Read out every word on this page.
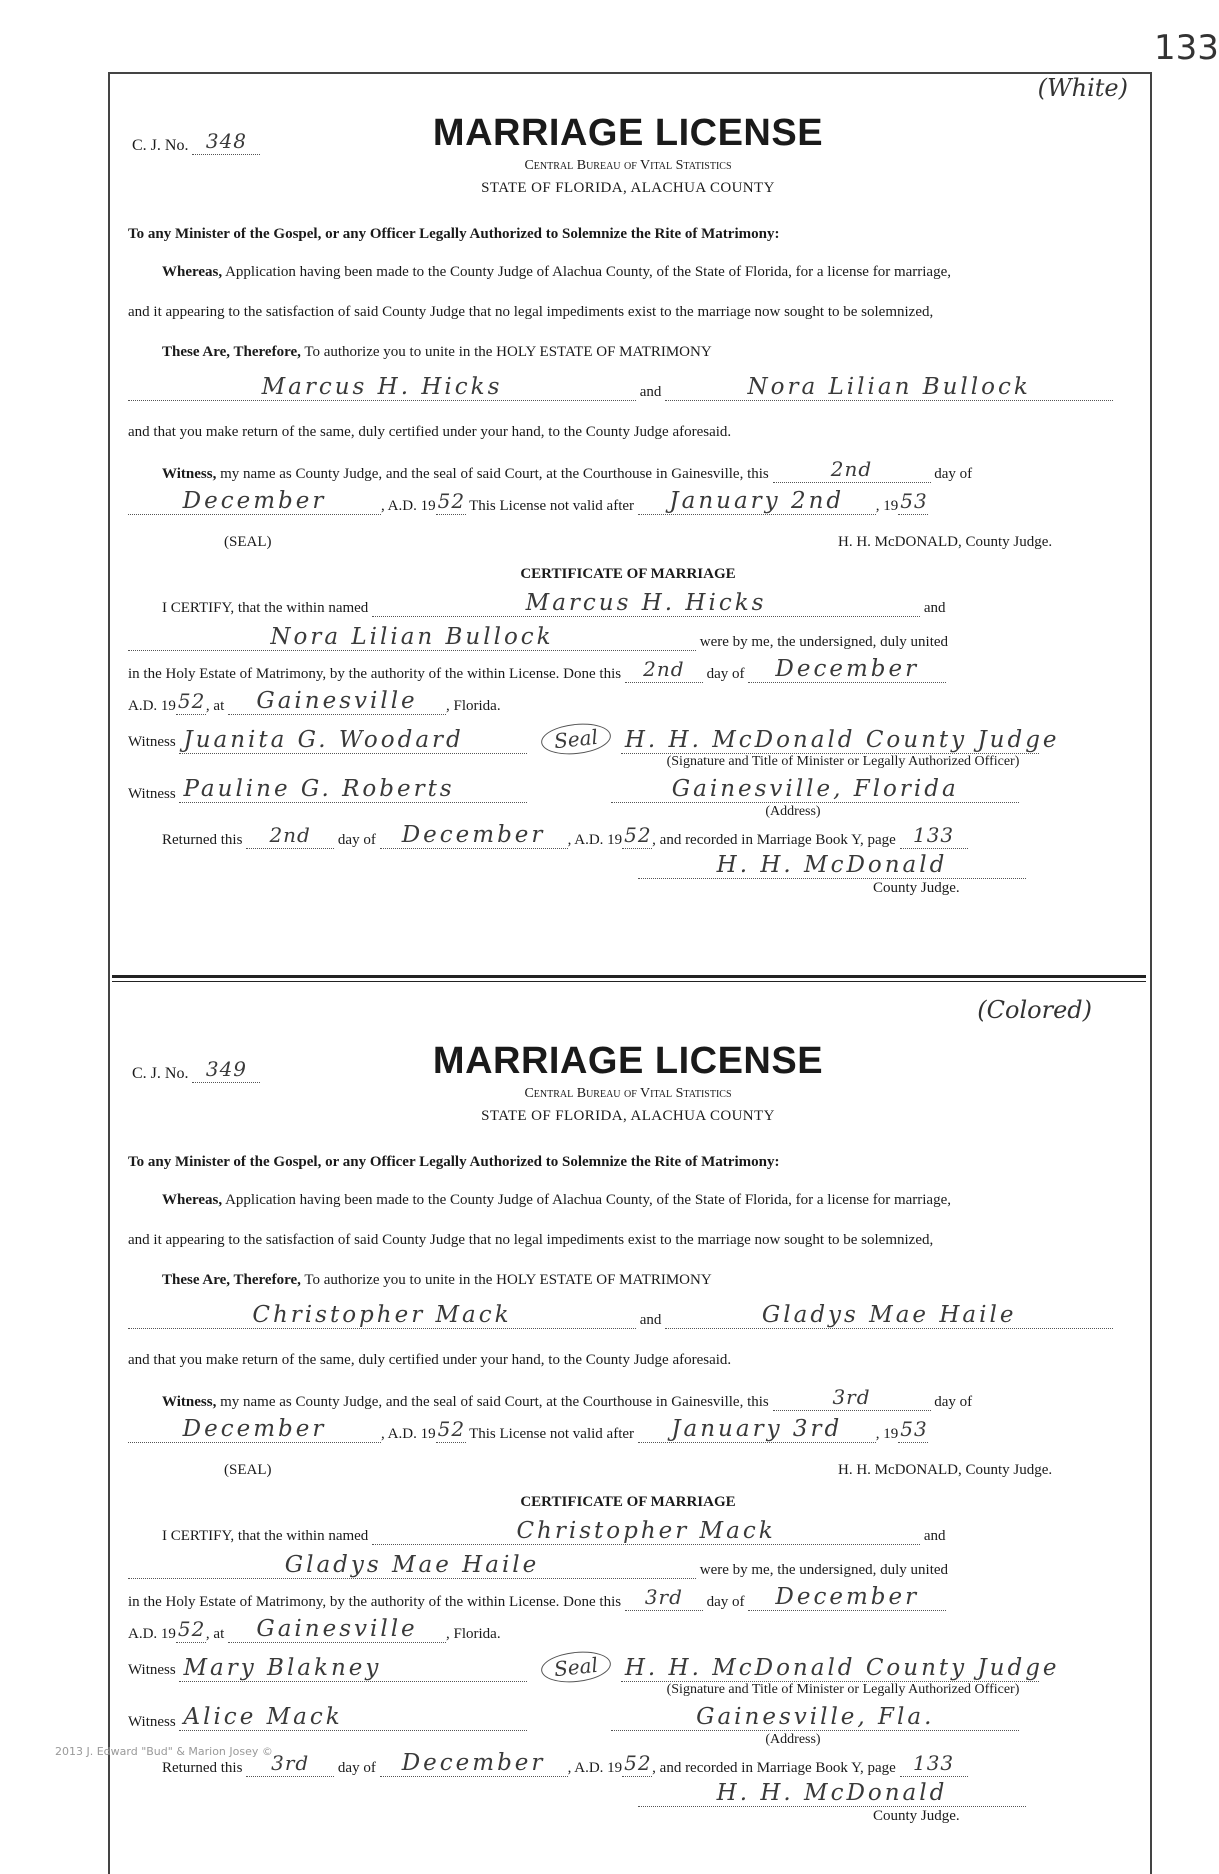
133
(White)
C. J. No. 348	MARRIAGE LICENSE
Central Bureau of Vital Statistics
STATE OF FLORIDA, ALACHUA COUNTY
To any Minister of the Gospel, or any Officer Legally Authorized to Solemnize the Rite of Matrimony:
Whereas, Application having been made to the County Judge of Alachua County, of the State of Florida, for a license for marriage,
and it appearing to the satisfaction of said County Judge that no legal impediments exist to the marriage now sought to be solemnized,
These Are, Therefore, To authorize you to unite in the HOLY ESTATE OF MATRIMONY
Marcus H. Hicks	and	Nora Lilian Bullock
and that you make return of the same, duly certified under your hand, to the County Judge aforesaid.
Witness, my name as County Judge, and the seal of said Court, at the Courthouse in Gainesville, this	2nd	day of
December	, A.D. 19 52 This License not valid after January 2nd , 19 53
(SEAL)	H. H. McDONALD, County Judge.
CERTIFICATE OF MARRIAGE
I CERTIFY, that the within named	Marcus H. Hicks	and
Nora Lilian Bullock	were by me, the undersigned, duly united
in the Holy Estate of Matrimony, by the authority of the within License. Done this 2nd day of December
A.D. 19 52, at Gainesville , Florida.
Witness Juanita G. Woodard	Seal H. H. McDonald County Judge
(Signature and Title of Minister or Legally Authorized Officer)
Witness Pauline G. Roberts	Gainesville, Florida
(Address)
Returned this 2nd day of December , A.D. 19 52, and recorded in Marriage Book Y, page 133
H. H. McDonald
County Judge.
(Colored)
C. J. No. 349	MARRIAGE LICENSE
Central Bureau of Vital Statistics
STATE OF FLORIDA, ALACHUA COUNTY
To any Minister of the Gospel, or any Officer Legally Authorized to Solemnize the Rite of Matrimony:
Whereas, Application having been made to the County Judge of Alachua County, of the State of Florida, for a license for marriage,
and it appearing to the satisfaction of said County Judge that no legal impediments exist to the marriage now sought to be solemnized,
These Are, Therefore, To authorize you to unite in the HOLY ESTATE OF MATRIMONY
Christopher Mack	and	Gladys Mae Haile
and that you make return of the same, duly certified under your hand, to the County Judge aforesaid.
Witness, my name as County Judge, and the seal of said Court, at the Courthouse in Gainesville, this	3rd	day of
December	, A.D. 19 52 This License not valid after January 3rd , 19 53
(SEAL)	H. H. McDONALD, County Judge.
CERTIFICATE OF MARRIAGE
I CERTIFY, that the within named	Christopher Mack	and
Gladys Mae Haile	were by me, the undersigned, duly united
in the Holy Estate of Matrimony, by the authority of the within License. Done this 3rd day of December
A.D. 19 52, at Gainesville , Florida.
Witness Mary Blakney	Seal H. H. McDonald County Judge
(Signature and Title of Minister or Legally Authorized Officer)
Witness Alice Mack	Gainesville, Fla.
(Address)
Returned this 3rd day of December , A.D. 19 52, and recorded in Marriage Book Y, page 133
H. H. McDonald
County Judge.
2013 J. Edward "Bud" & Marion Josey ©
